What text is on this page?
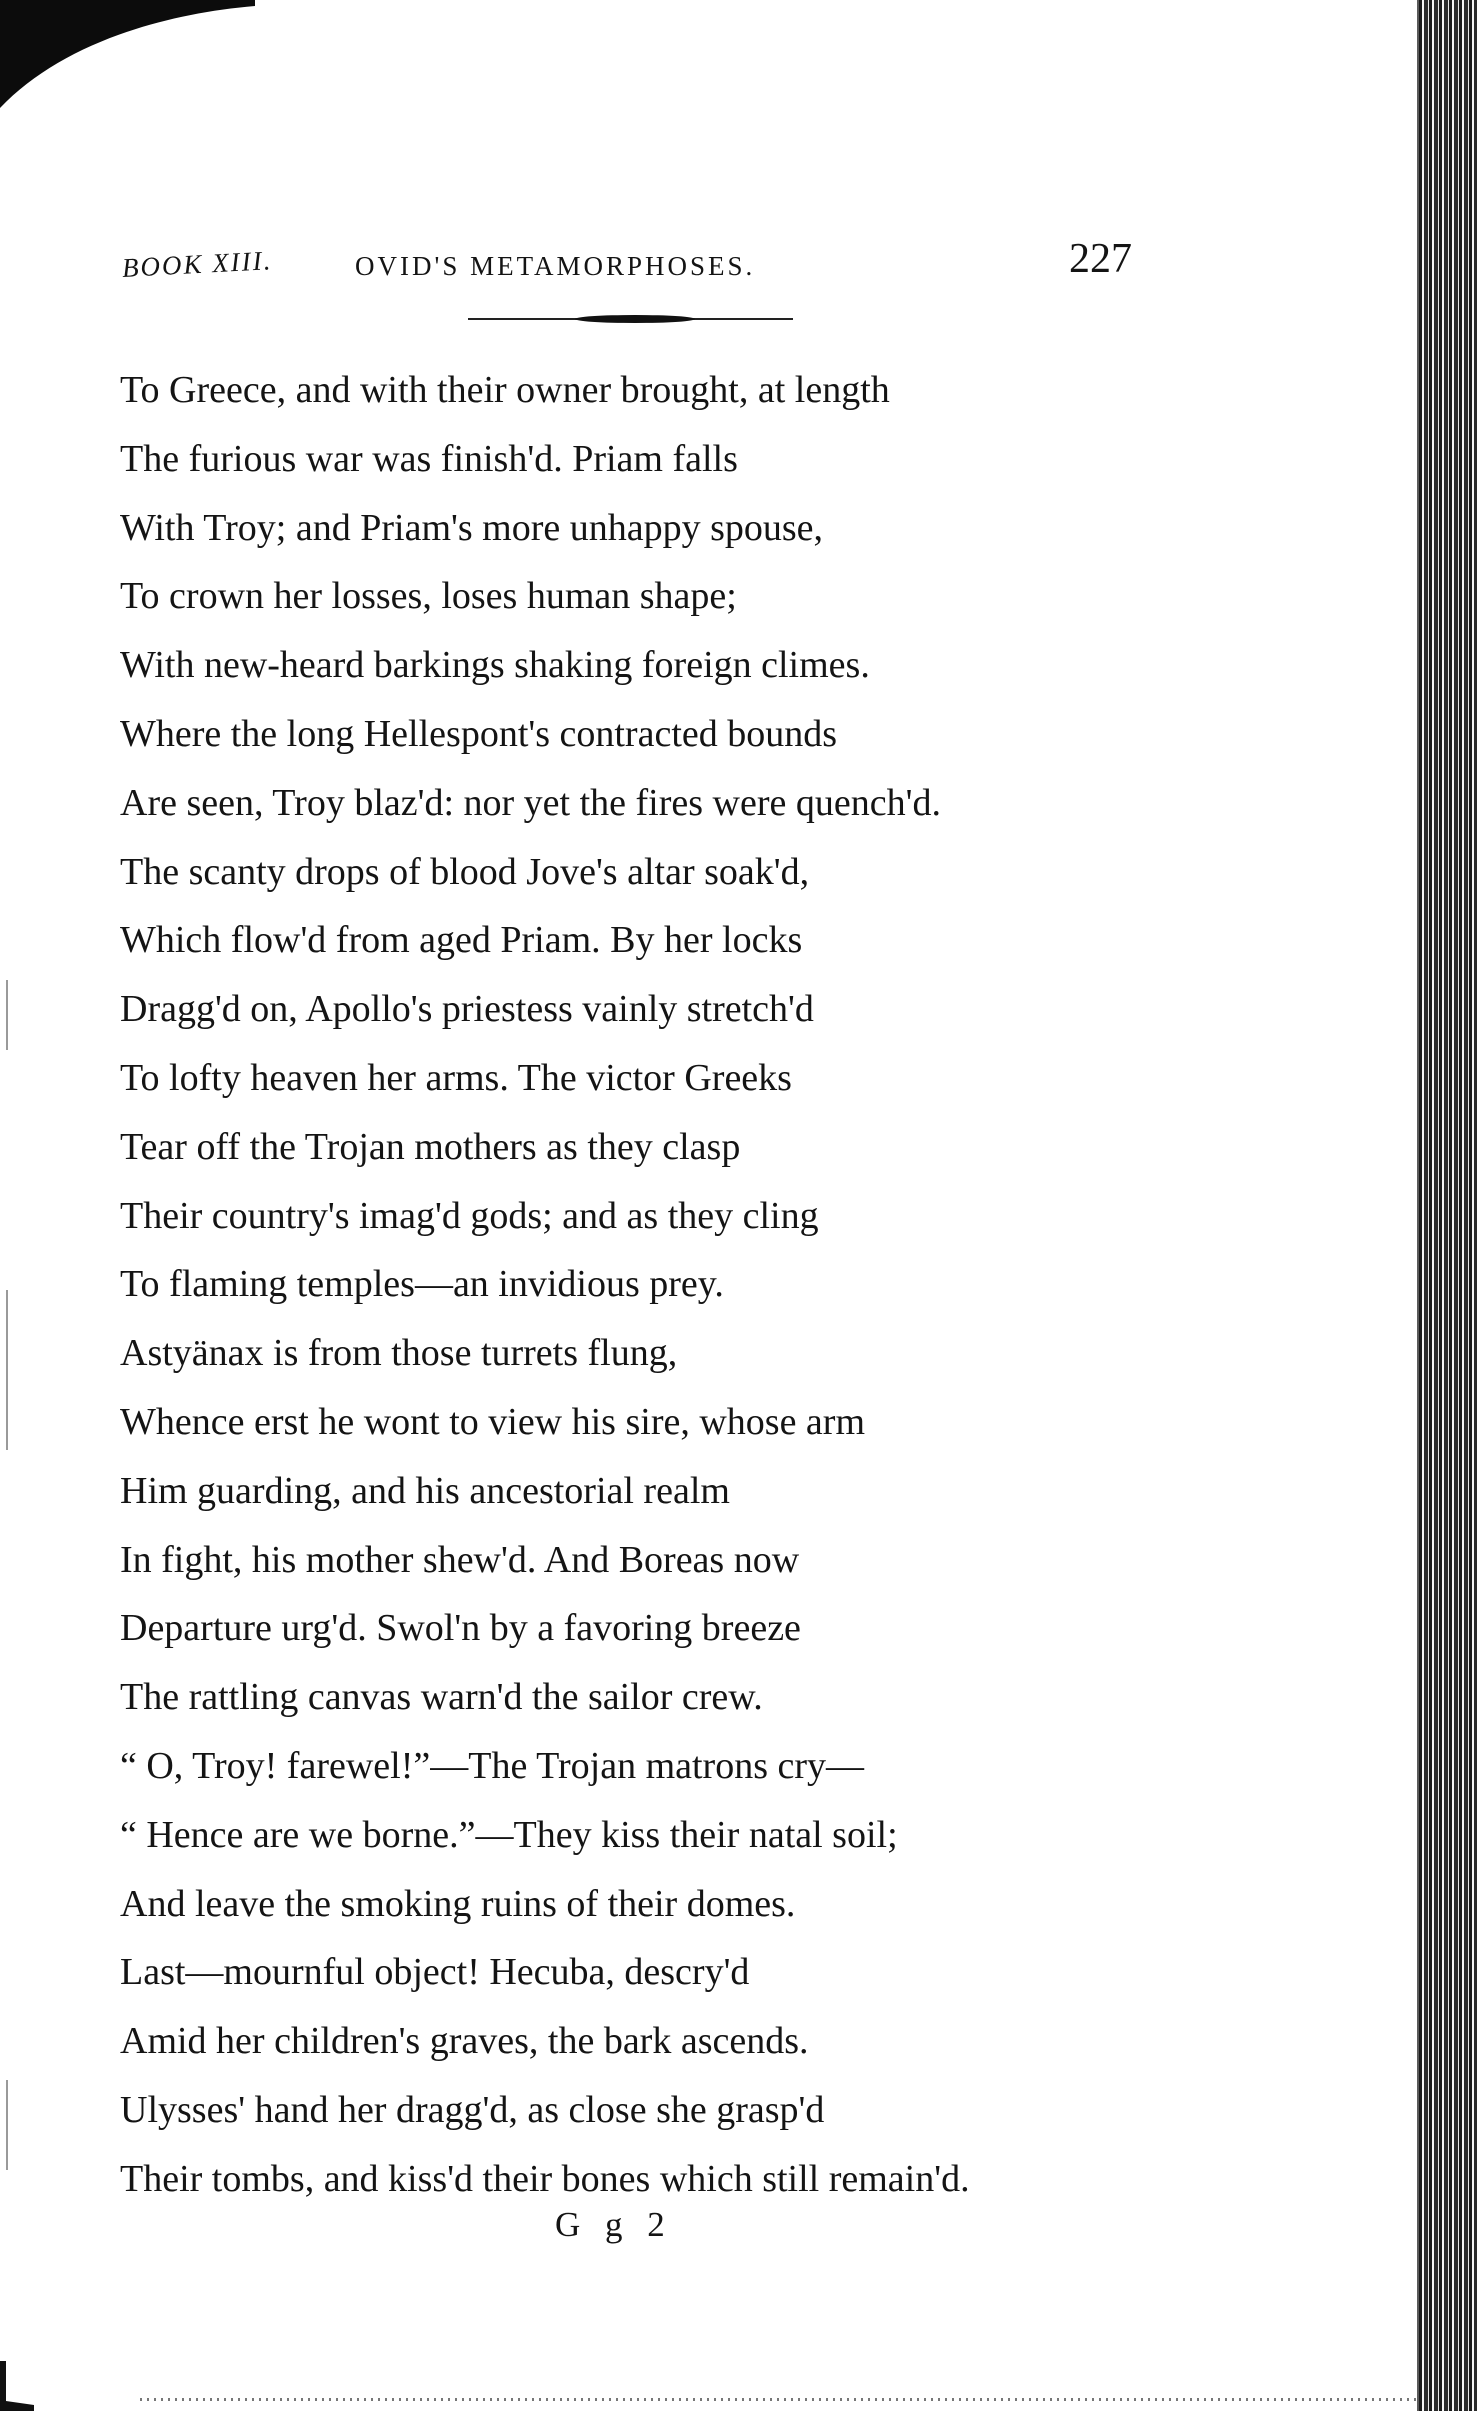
BOOK XIII.	OVID'S METAMORPHOSES.	227
To Greece, and with their owner brought, at length
The furious war was finish'd. Priam falls
With Troy; and Priam's more unhappy spouse,
To crown her losses, loses human shape;
With new-heard barkings shaking foreign climes.
Where the long Hellespont's contracted bounds
Are seen, Troy blaz'd: nor yet the fires were quench'd.
The scanty drops of blood Jove's altar soak'd,
Which flow'd from aged Priam. By her locks
Dragg'd on, Apollo's priestess vainly stretch'd
To lofty heaven her arms. The victor Greeks
Tear off the Trojan mothers as they clasp
Their country's imag'd gods; and as they cling
To flaming temples—an invidious prey.
Astyänax is from those turrets flung,
Whence erst he wont to view his sire, whose arm
Him guarding, and his ancestorial realm
In fight, his mother shew'd. And Boreas now
Departure urg'd. Swol'n by a favoring breeze
The rattling canvas warn'd the sailor crew.
“ O, Troy! farewel!”—The Trojan matrons cry—
“ Hence are we borne.”—They kiss their natal soil;
And leave the smoking ruins of their domes.
Last—mournful object! Hecuba, descry'd
Amid her children's graves, the bark ascends.
Ulysses' hand her dragg'd, as close she grasp'd
Their tombs, and kiss'd their bones which still remain'd.
G g 2
